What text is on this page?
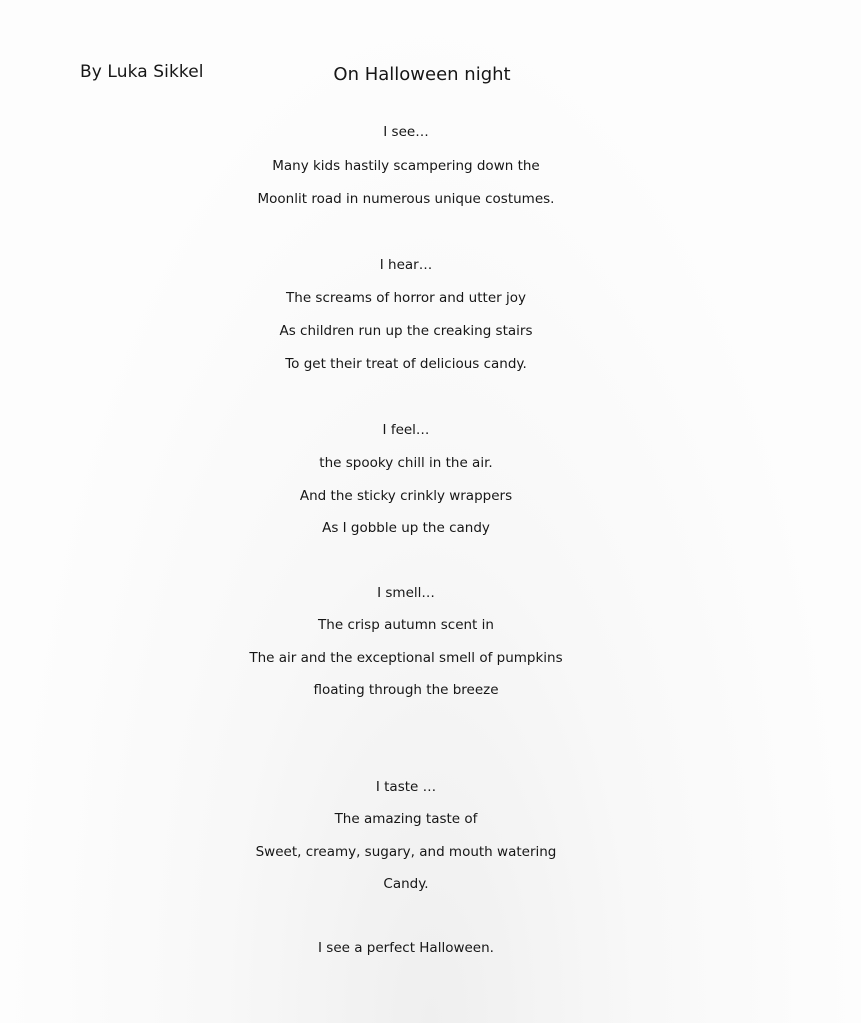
By Luka Sikkel	On Halloween night
I see…
Many kids hastily scampering down the
Moonlit road in numerous unique costumes.
I hear…
The screams of horror and utter joy
As children run up the creaking stairs
To get their treat of delicious candy.
I feel…
the spooky chill in the air.
And the sticky crinkly wrappers
As I gobble up the candy
I smell…
The crisp autumn scent in
The air and the exceptional smell of pumpkins
floating through the breeze
I taste …
The amazing taste of
Sweet, creamy, sugary, and mouth watering
Candy.
I see a perfect Halloween.
